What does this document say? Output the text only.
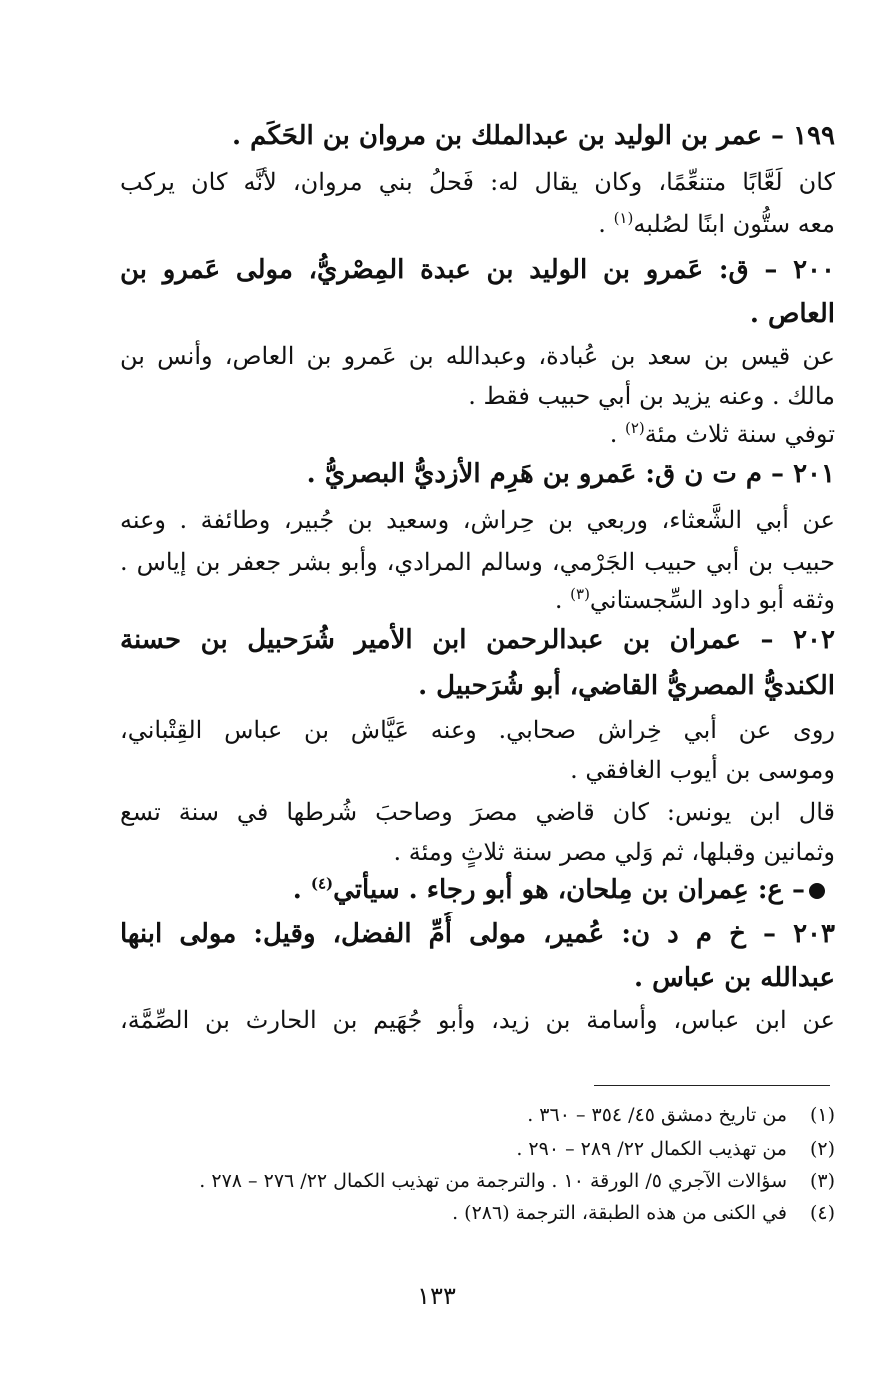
١٩٩ – عمر بن الوليد بن عبدالملك بن مروان بن الحَكَم .
كان لَعَّابًا متنعِّمًا، وكان يقال له: فَحلُ بني مروان، لأنَّه كان يركب
معه ستُّون ابنًا لصُلبه$^{(١)}$ .
٢٠٠ – ق: عَمرو بن الوليد بن عبدة المِصْريُّ، مولى عَمرو بن
العاص .
عن قيس بن سعد بن عُبادة، وعبدالله بن عَمرو بن العاص، وأنس بن
مالك . وعنه يزيد بن أبي حبيب فقط .
توفي سنة ثلاث مئة$^{(٢)}$ .
٢٠١ – م ت ن ق: عَمرو بن هَرِم الأزديُّ البصريُّ .
عن أبي الشَّعثاء، وربعي بن حِراش، وسعيد بن جُبير، وطائفة . وعنه
حبيب بن أبي حبيب الجَرْمي، وسالم المرادي، وأبو بشر جعفر بن إياس .
وثقه أبو داود السِّجستاني$^{(٣)}$ .
٢٠٢ – عمران بن عبدالرحمن ابن الأمير شُرَحبيل بن حسنة
الكنديُّ المصريُّ القاضي، أبو شُرَحبيل .
روى عن أبي خِراش صحابي. وعنه عَيَّاش بن عباس القِتْباني،
وموسى بن أيوب الغافقي .
قال ابن يونس: كان قاضي مصرَ وصاحبَ شُرطها في سنة تسع
وثمانين وقبلها، ثم وَلي مصر سنة ثلاثٍ ومئة .
– ع: عِمران بن مِلحان، هو أبو رجاء . سيأتي$^{(٤)}$ .
٢٠٣ – خ م د ن: عُمير، مولى أُمِّ الفضل، وقيل: مولى ابنها
عبدالله بن عباس .
عن ابن عباس، وأسامة بن زيد، وأبو جُهَيم بن الحارث بن الصِّمَّة،
(١)من تاريخ دمشق ٤٥/ ٣٥٤ – ٣٦٠ .
(٢)من تهذيب الكمال ٢٢/ ٢٨٩ – ٢٩٠ .
(٣)سؤالات الآجري ٥/ الورقة ١٠ . والترجمة من تهذيب الكمال ٢٢/ ٢٧٦ – ٢٧٨ .
(٤)في الكنى من هذه الطبقة، الترجمة (٢٨٦) .
١٣٣
